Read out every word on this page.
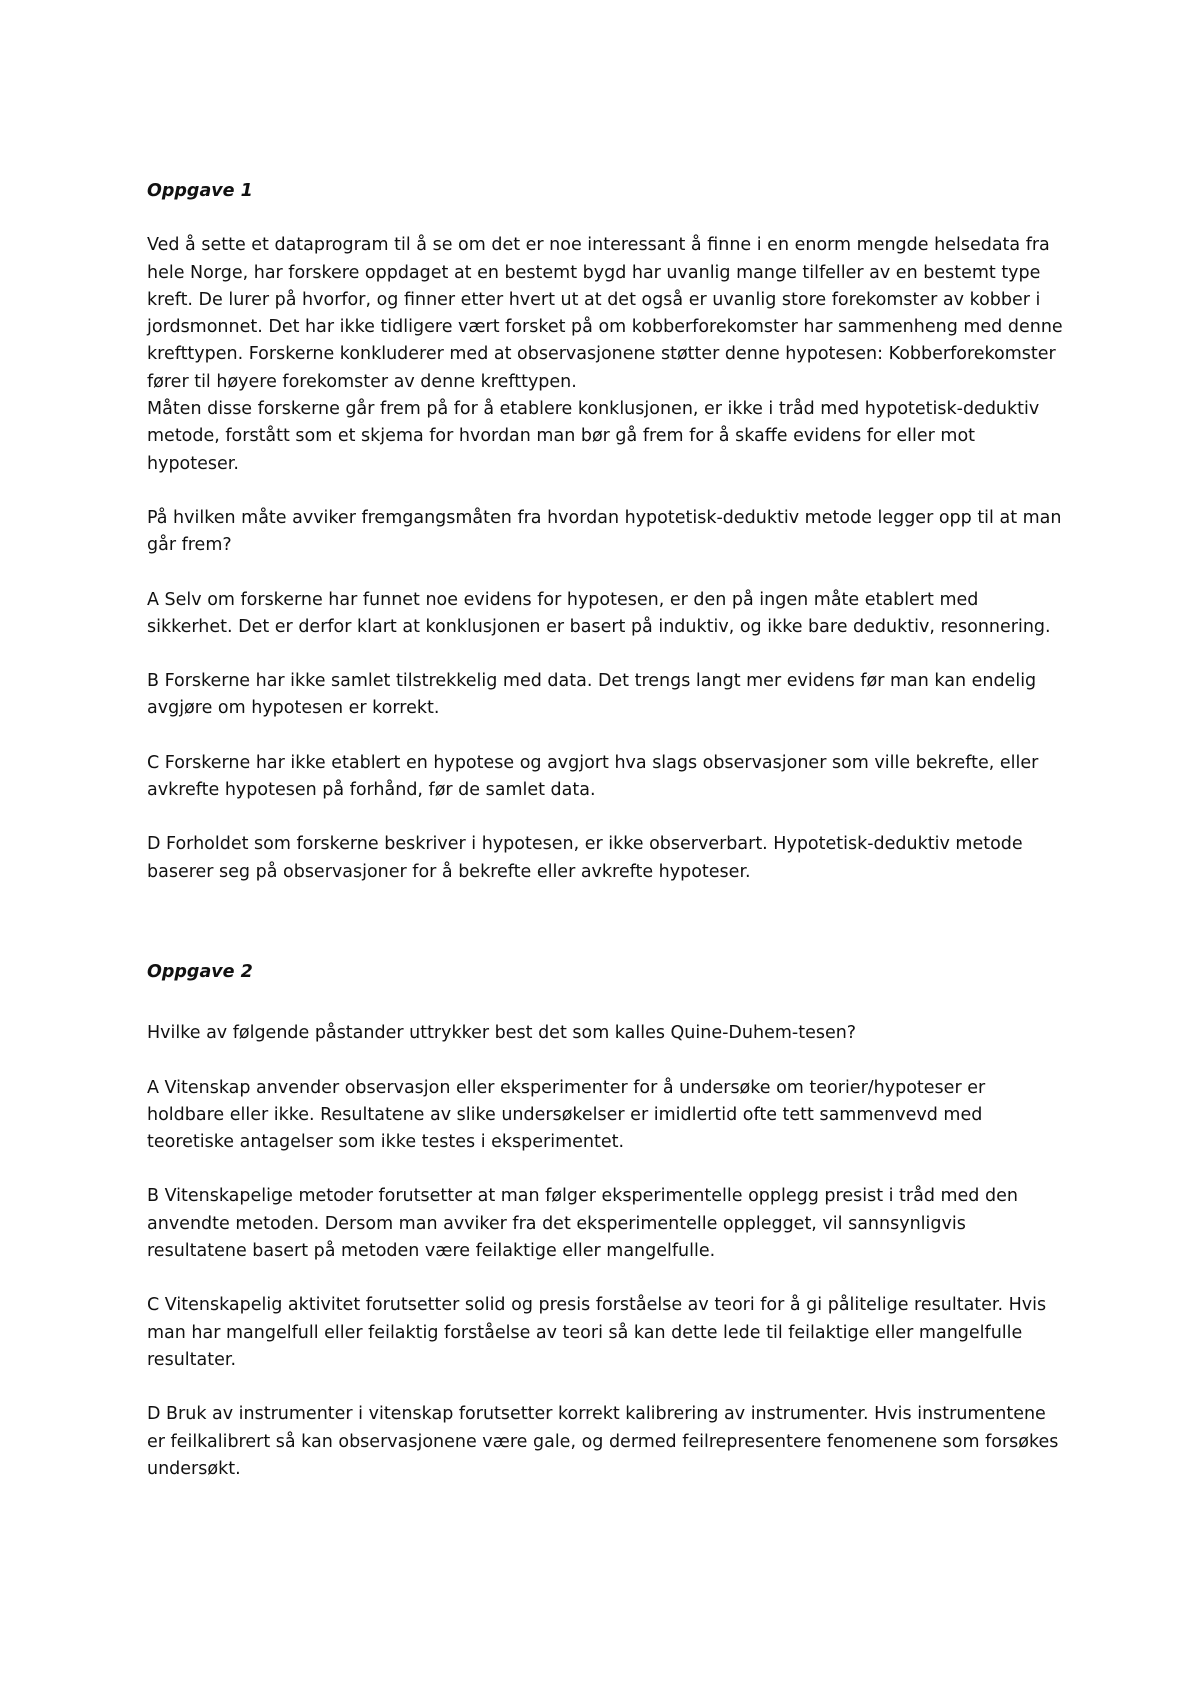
Oppgave 1

Ved å sette et dataprogram til å se om det er noe interessant å finne i en enorm mengde helsedata fra hele Norge, har forskere oppdaget at en bestemt bygd har uvanlig mange tilfeller av en bestemt type kreft. De lurer på hvorfor, og finner etter hvert ut at det også er uvanlig store forekomster av kobber i jordsmonnet. Det har ikke tidligere vært forsket på om kobberforekomster har sammenheng med denne krefttypen. Forskerne konkluderer med at observasjonene støtter denne hypotesen: Kobberforekomster fører til høyere forekomster av denne krefttypen.

Måten disse forskerne går frem på for å etablere konklusjonen, er ikke i tråd med hypotetisk-deduktiv metode, forstått som et skjema for hvordan man bør gå frem for å skaffe evidens for eller mot hypoteser.

På hvilken måte avviker fremgangsmåten fra hvordan hypotetisk-deduktiv metode legger opp til at man går frem?

A Selv om forskerne har funnet noe evidens for hypotesen, er den på ingen måte etablert med sikkerhet. Det er derfor klart at konklusjonen er basert på induktiv, og ikke bare deduktiv, resonnering.

B Forskerne har ikke samlet tilstrekkelig med data. Det trengs langt mer evidens før man kan endelig avgjøre om hypotesen er korrekt.

C Forskerne har ikke etablert en hypotese og avgjort hva slags observasjoner som ville bekrefte, eller avkrefte hypotesen på forhånd, før de samlet data.

D Forholdet som forskerne beskriver i hypotesen, er ikke observerbart. Hypotetisk-deduktiv metode baserer seg på observasjoner for å bekrefte eller avkrefte hypoteser.

Oppgave 2

Hvilke av følgende påstander uttrykker best det som kalles Quine-Duhem-tesen?

A Vitenskap anvender observasjon eller eksperimenter for å undersøke om teorier/hypoteser er holdbare eller ikke. Resultatene av slike undersøkelser er imidlertid ofte tett sammenvevd med teoretiske antagelser som ikke testes i eksperimentet.

B Vitenskapelige metoder forutsetter at man følger eksperimentelle opplegg presist i tråd med den anvendte metoden. Dersom man avviker fra det eksperimentelle opplegget, vil sannsynligvis resultatene basert på metoden være feilaktige eller mangelfulle.

C Vitenskapelig aktivitet forutsetter solid og presis forståelse av teori for å gi pålitelige resultater. Hvis man har mangelfull eller feilaktig forståelse av teori så kan dette lede til feilaktige eller mangelfulle resultater.

D Bruk av instrumenter i vitenskap forutsetter korrekt kalibrering av instrumenter. Hvis instrumentene er feilkalibrert så kan observasjonene være gale, og dermed feilrepresentere fenomenene som forsøkes undersøkt.
